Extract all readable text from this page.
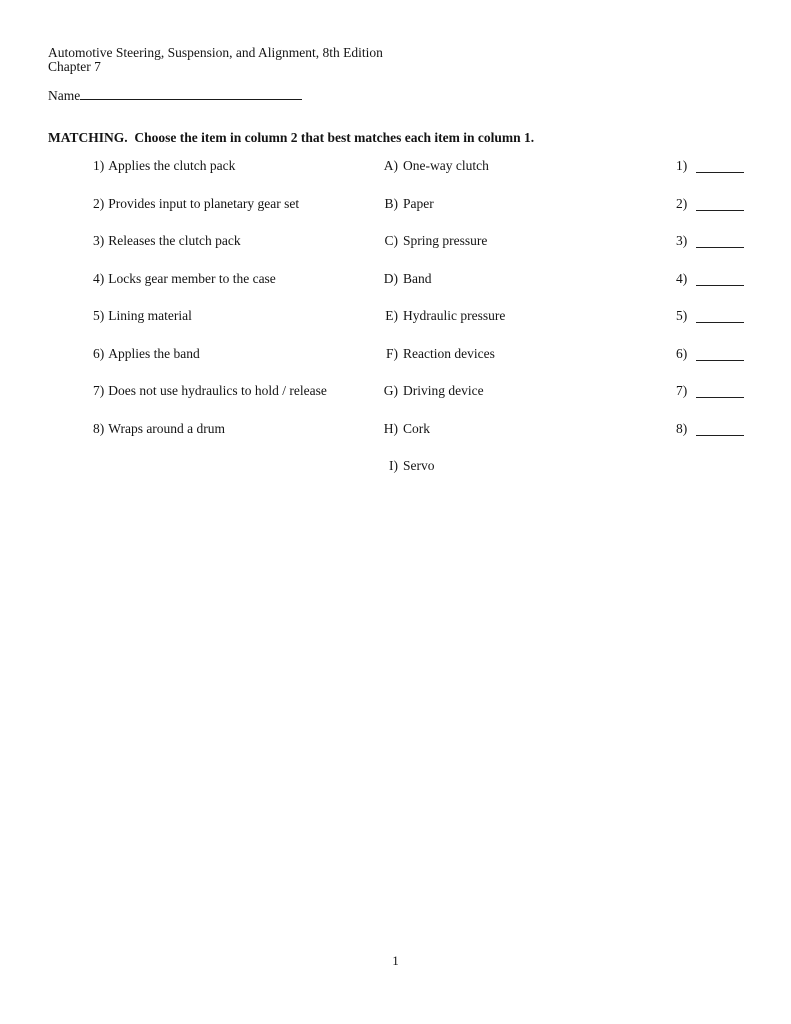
Automotive Steering, Suspension, and Alignment, 8th Edition
Chapter 7
Name
MATCHING.  Choose the item in column 2 that best matches each item in column 1.
1) Applies the clutch pack	A) One-way clutch	1)
2) Provides input to planetary gear set	B) Paper	2)
3) Releases the clutch pack	C) Spring pressure	3)
4) Locks gear member to the case	D) Band	4)
5) Lining material	E) Hydraulic pressure	5)
6) Applies the band	F) Reaction devices	6)
7) Does not use hydraulics to hold / release	G) Driving device	7)
8) Wraps around a drum	H) Cork	8)
I) Servo
1
